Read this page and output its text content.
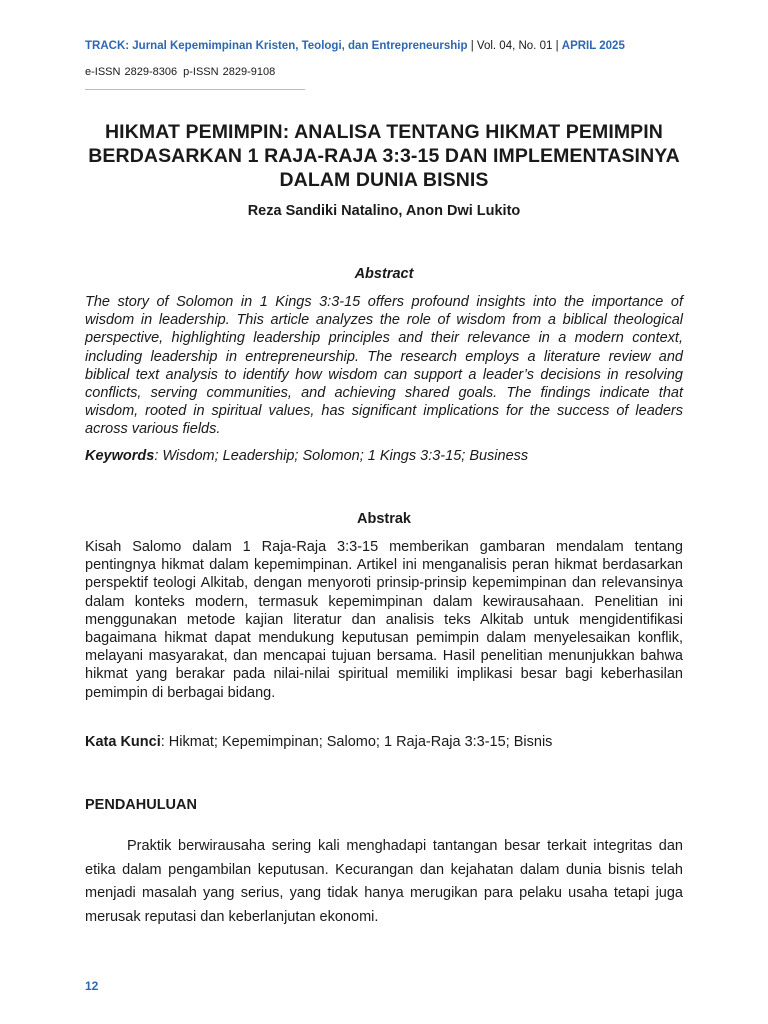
TRACK: Jurnal Kepemimpinan Kristen, Teologi, dan Entrepreneurship | Vol. 04, No. 01 | APRIL 2025
e-ISSN 2829-8306 p-ISSN 2829-9108
HIKMAT PEMIMPIN: ANALISA TENTANG HIKMAT PEMIMPIN BERDASARKAN 1 RAJA-RAJA 3:3-15 DAN IMPLEMENTASINYA DALAM DUNIA BISNIS
Reza Sandiki Natalino, Anon Dwi Lukito
Abstract
The story of Solomon in 1 Kings 3:3-15 offers profound insights into the importance of wisdom in leadership. This article analyzes the role of wisdom from a biblical theological perspective, highlighting leadership principles and their relevance in a modern context, including leadership in entrepreneurship. The research employs a literature review and biblical text analysis to identify how wisdom can support a leader’s decisions in resolving conflicts, serving communities, and achieving shared goals. The findings indicate that wisdom, rooted in spiritual values, has significant implications for the success of leaders across various fields.
Keywords: Wisdom; Leadership; Solomon; 1 Kings 3:3-15; Business
Abstrak
Kisah Salomo dalam 1 Raja-Raja 3:3-15 memberikan gambaran mendalam tentang pentingnya hikmat dalam kepemimpinan. Artikel ini menganalisis peran hikmat berdasarkan perspektif teologi Alkitab, dengan menyoroti prinsip-prinsip kepemimpinan dan relevansinya dalam konteks modern, termasuk kepemimpinan dalam kewirausahaan. Penelitian ini menggunakan metode kajian literatur dan analisis teks Alkitab untuk mengidentifikasi bagaimana hikmat dapat mendukung keputusan pemimpin dalam menyelesaikan konflik, melayani masyarakat, dan mencapai tujuan bersama. Hasil penelitian menunjukkan bahwa hikmat yang berakar pada nilai-nilai spiritual memiliki implikasi besar bagi keberhasilan pemimpin di berbagai bidang.
Kata Kunci: Hikmat; Kepemimpinan; Salomo; 1 Raja-Raja 3:3-15; Bisnis
PENDAHULUAN
Praktik berwirausaha sering kali menghadapi tantangan besar terkait integritas dan etika dalam pengambilan keputusan. Kecurangan dan kejahatan dalam dunia bisnis telah menjadi masalah yang serius, yang tidak hanya merugikan para pelaku usaha tetapi juga merusak reputasi dan keberlanjutan ekonomi.
12
